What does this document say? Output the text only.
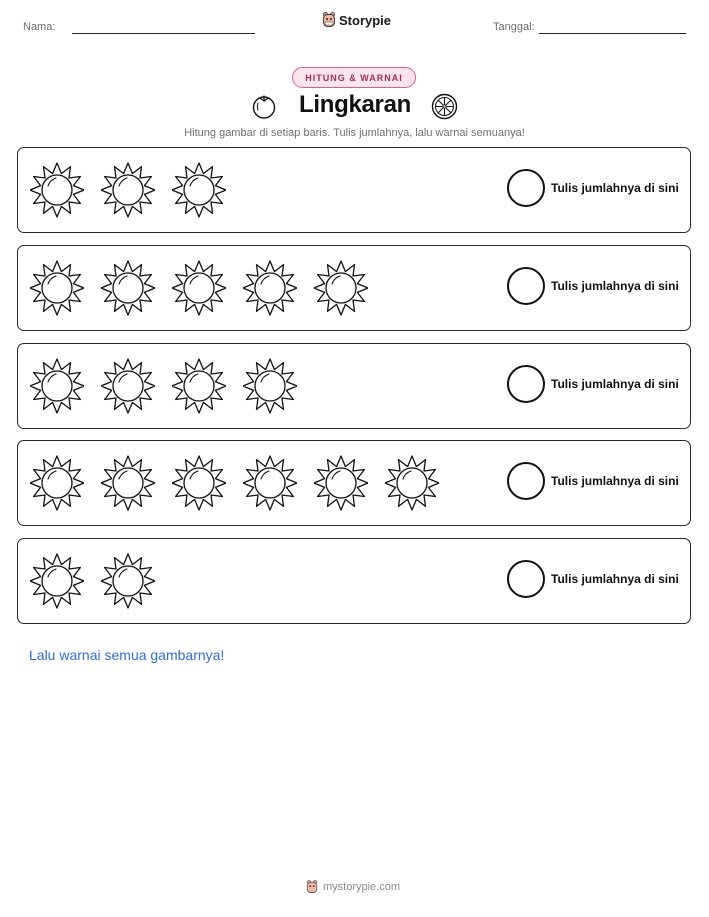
Nama:	Storypie	Tanggal:
HITUNG & WARNAI
Lingkaran
Hitung gambar di setiap baris. Tulis jumlahnya, lalu warnai semuanya!
Tulis jumlahnya di sini
Tulis jumlahnya di sini
Tulis jumlahnya di sini
Tulis jumlahnya di sini
Tulis jumlahnya di sini
Lalu warnai semua gambarnya!
mystorypie.com
